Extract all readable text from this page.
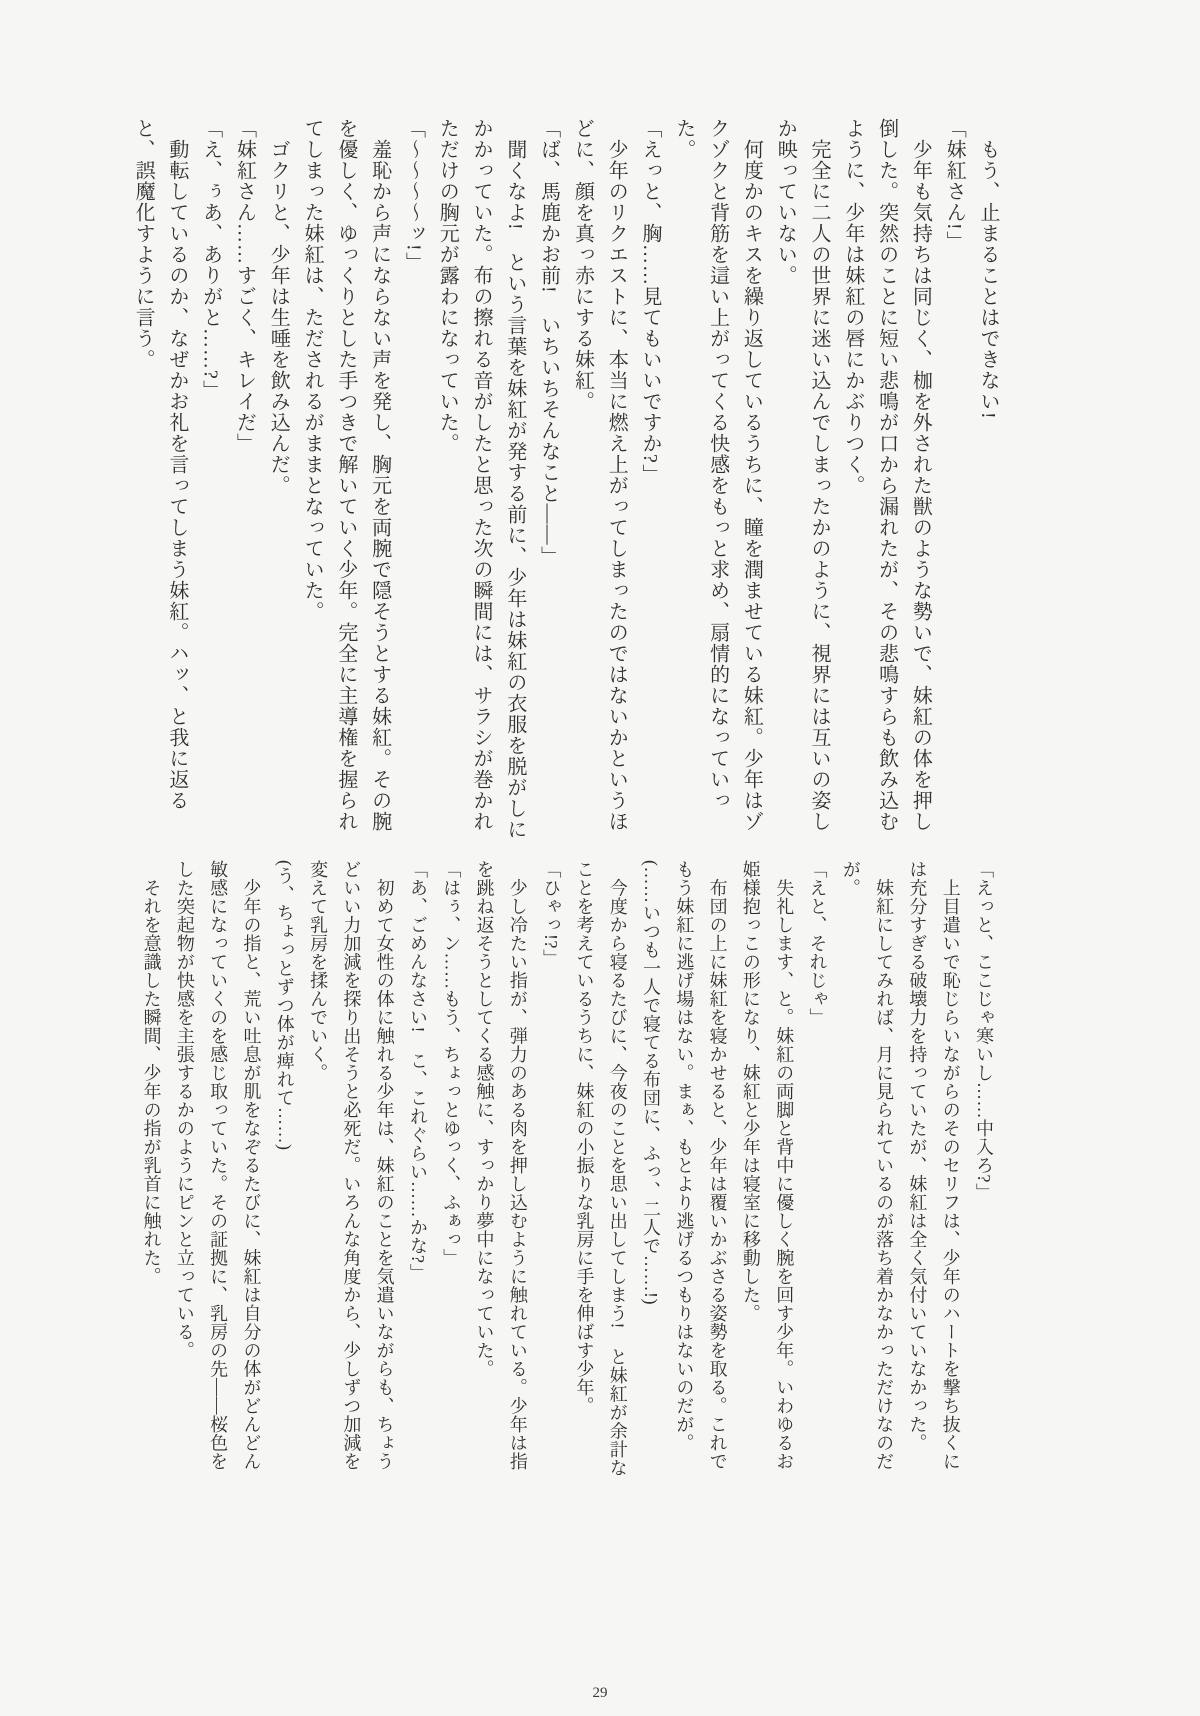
　もう、止まることはできない!

「妹紅さん!」

　少年も気持ちは同じく、枷を外された獣のような勢いで、妹紅の体を押し倒した。突然のことに短い悲鳴が口から漏れたが、その悲鳴すらも飲み込むように、少年は妹紅の唇にかぶりつく。

　完全に二人の世界に迷い込んでしまったかのように、視界には互いの姿しか映っていない。

　何度かのキスを繰り返しているうちに、瞳を潤ませている妹紅。少年はゾクゾクと背筋を這い上がってくる快感をもっと求め、扇情的になっていった。

「えっと、胸……見てもいいですか?」

　少年のリクエストに、本当に燃え上がってしまったのではないかというほどに、顔を真っ赤にする妹紅。

「ば、馬鹿かお前!　いちいちそんなこと――」

　聞くなよ!　という言葉を妹紅が発する前に、少年は妹紅の衣服を脱がしにかかっていた。布の擦れる音がしたと思った次の瞬間には、サラシが巻かれただけの胸元が露わになっていた。

「〜〜〜〜ッ!」

　羞恥から声にならない声を発し、胸元を両腕で隠そうとする妹紅。その腕を優しく、ゆっくりとした手つきで解いていく少年。完全に主導権を握られてしまった妹紅は、ただされるがままとなっていた。

　ゴクリと、少年は生唾を飲み込んだ。

「妹紅さん……すごく、キレイだ」

「え、ぅあ、ありがと……?」

　動転しているのか、なぜかお礼を言ってしまう妹紅。ハッ、と我に返ると、誤魔化すように言う。

「えっと、ここじゃ寒いし……中入ろ?」

　上目遣いで恥じらいながらのそのセリフは、少年のハートを撃ち抜くには充分すぎる破壊力を持っていたが、妹紅は全く気付いていなかった。

　妹紅にしてみれば、月に見られているのが落ち着かなかっただけなのだが。

「えと、それじゃ」

　失礼します、と。妹紅の両脚と背中に優しく腕を回す少年。いわゆるお姫様抱っこの形になり、妹紅と少年は寝室に移動した。

　布団の上に妹紅を寝かせると、少年は覆いかぶさる姿勢を取る。これでもう妹紅に逃げ場はない。まぁ、もとより逃げるつもりはないのだが。

(……いつも一人で寝てる布団に、ふっ、二人で……!)

　今度から寝るたびに、今夜のことを思い出してしまう!　と妹紅が余計なことを考えているうちに、妹紅の小振りな乳房に手を伸ばす少年。

「ひゃっ!?」

　少し冷たい指が、弾力のある肉を押し込むように触れている。少年は指を跳ね返そうとしてくる感触に、すっかり夢中になっていた。

「はぅ、ン……もう、ちょっとゆっく、ふぁっ」

「あ、ごめんなさい!　こ、これぐらい……かな?」

　初めて女性の体に触れる少年は、妹紅のことを気遣いながらも、ちょうどいい力加減を探り出そうと必死だ。いろんな角度から、少しずつ加減を変えて乳房を揉んでいく。

(う、ちょっとずつ体が痺れて……)

　少年の指と、荒い吐息が肌をなぞるたびに、妹紅は自分の体がどんどん敏感になっていくのを感じ取っていた。その証拠に、乳房の先――桜色をした突起物が快感を主張するかのようにピンと立っている。

　それを意識した瞬間、少年の指が乳首に触れた。

29
